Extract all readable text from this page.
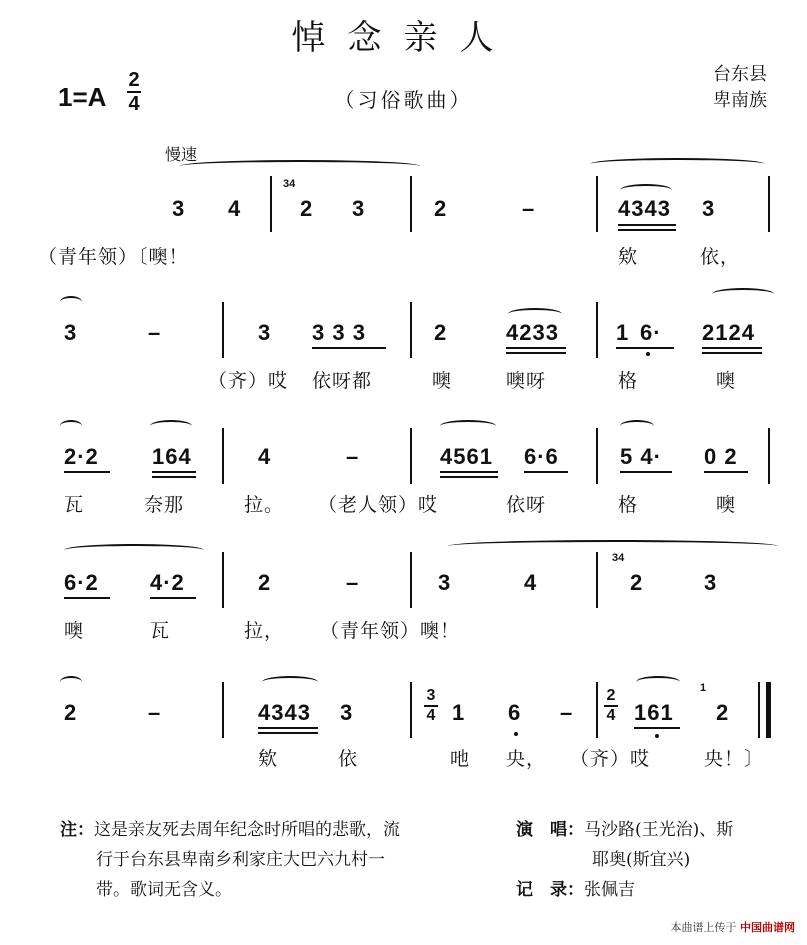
悼念亲人
1=A
2
4	（习俗歌曲）
台东县
卑南族
慢速
3 4
34
2 3	2	–	4343 3
（青年领）〔噢！	欸	依，
3	–	3 3 3 3	2	4233	1 6· 2124
（齐）哎 依呀都	噢	噢呀	格	噢
2·2 164	4	–	4561 6·6	5 4· 0 2
瓦	奈那	拉。 （老人领）哎	依呀	格	噢
6·2 4·2	2	–	3	4
34
2	3
噢	瓦	拉， （青年领）噢！
2	–	4343 3
3
4 1 6 –
2
4 161
1
2
欸	依	吔 央， （齐）哎	央！〕
注：这是亲友死去周年纪念时所唱的悲歌，流
行于台东县卑南乡利家庄大巴六九村一
带。歌词无含义。
演　唱：马沙路(王光治)、斯
耶奥(斯宜兴)
记　录：张佩吉
本曲谱上传于 中国曲谱网
